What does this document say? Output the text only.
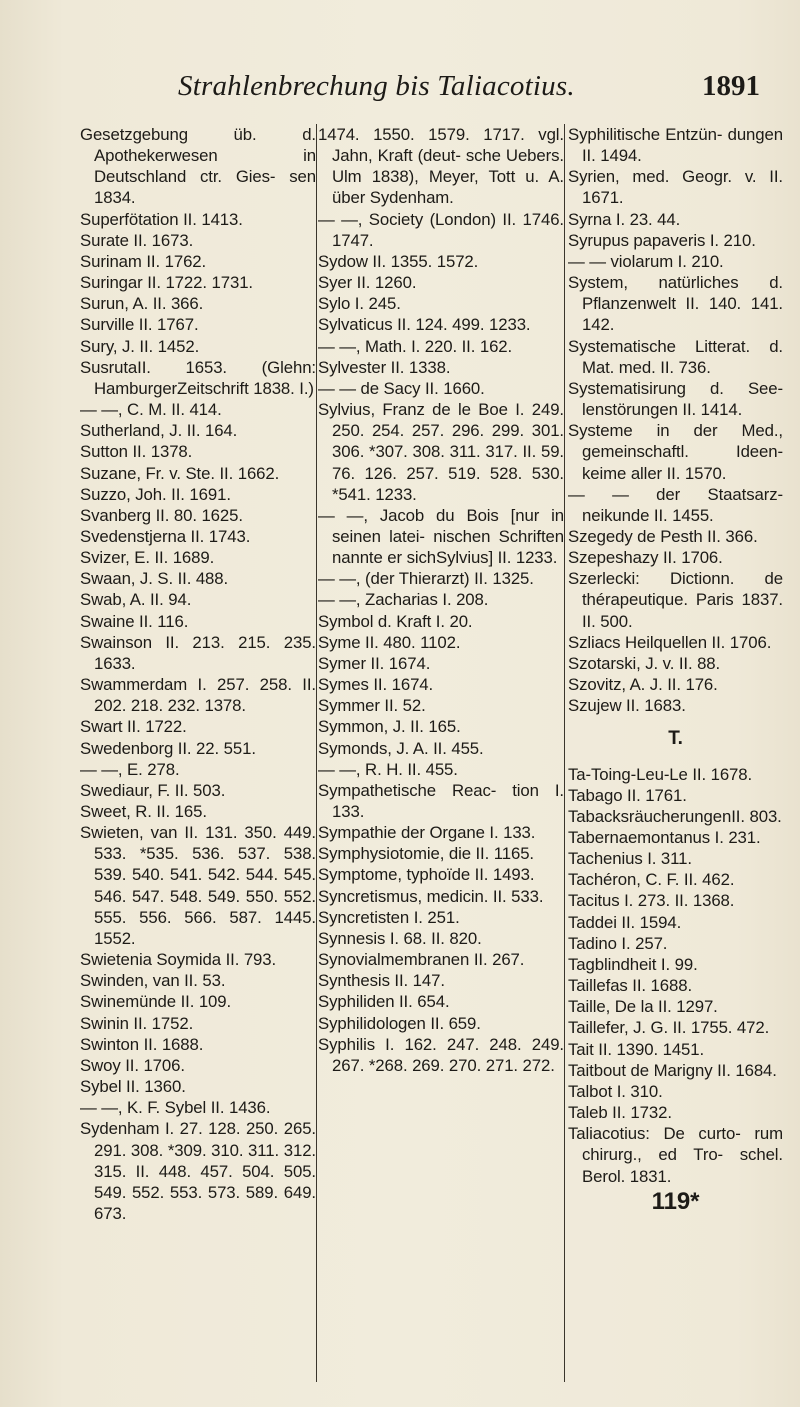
Strahlenbrechung bis Taliacotius.	1891

Gesetzgebung üb. d. Apothekerwesen in Deutschland ctr. Gies- sen 1834.

Superfötation II. 1413.

Surate II. 1673.

Surinam II. 1762.

Suringar II. 1722. 1731.

Surun, A. II. 366.

Surville II. 1767.

Sury, J. II. 1452.

SusrutaII. 1653. (Glehn: HamburgerZeitschrift 1838. I.)

— —, C. M. II. 414.

Sutherland, J. II. 164.

Sutton II. 1378.

Suzane, Fr. v. Ste. II. 1662.

Suzzo, Joh. II. 1691.

Svanberg II. 80. 1625.

Svedenstjerna II. 1743.

Svizer, E. II. 1689.

Swaan, J. S. II. 488.

Swab, A. II. 94.

Swaine II. 116.

Swainson II. 213. 215. 235. 1633.

Swammerdam I. 257. 258. II. 202. 218. 232. 1378.

Swart II. 1722.

Swedenborg II. 22. 551.

— —, E. 278.

Swediaur, F. II. 503.

Sweet, R. II. 165.

Swieten, van II. 131. 350. 449. 533. *535. 536. 537. 538. 539. 540. 541. 542. 544. 545. 546. 547. 548. 549. 550. 552. 555. 556. 566. 587. 1445. 1552.

Swietenia Soymida II. 793.

Swinden, van II. 53.

Swinemünde II. 109.

Swinin II. 1752.

Swinton II. 1688.

Swoy II. 1706.

Sybel II. 1360.

— —, K. F. Sybel II. 1436.

Sydenham I. 27. 128. 250. 265. 291. 308. *309. 310. 311. 312. 315. II. 448. 457. 504. 505. 549. 552. 553. 573. 589. 649. 673.

1474. 1550. 1579. 1717. vgl. Jahn, Kraft (deut- sche Uebers. Ulm 1838), Meyer, Tott u. A. über Sydenham.

— —, Society (London) II. 1746. 1747.

Sydow II. 1355. 1572.

Syer II. 1260.

Sylo I. 245.

Sylvaticus II. 124. 499. 1233.

— —, Math. I. 220. II. 162.

Sylvester II. 1338.

— — de Sacy II. 1660.

Sylvius, Franz de le Boe I. 249. 250. 254. 257. 296. 299. 301. 306. *307. 308. 311. 317. II. 59. 76. 126. 257. 519. 528. 530. *541. 1233.

— —, Jacob du Bois [nur in seinen latei- nischen Schriften nannte er sichSylvius] II. 1233.

— —, (der Thierarzt) II. 1325.

— —, Zacharias I. 208.

Symbol d. Kraft I. 20.

Syme II. 480. 1102.

Symer II. 1674.

Symes II. 1674.

Symmer II. 52.

Symmon, J. II. 165.

Symonds, J. A. II. 455.

— —, R. H. II. 455.

Sympathetische Reac- tion I. 133.

Sympathie der Organe I. 133.

Symphysiotomie, die II. 1165.

Symptome, typhoïde II. 1493.

Syncretismus, medicin. II. 533.

Syncretisten I. 251.

Synnesis I. 68. II. 820.

Synovialmembranen II. 267.

Synthesis II. 147.

Syphiliden II. 654.

Syphilidologen II. 659.

Syphilis I. 162. 247. 248. 249. 267. *268. 269. 270. 271. 272.

Syphilitische Entzün- dungen II. 1494.

Syrien, med. Geogr. v. II. 1671.

Syrna I. 23. 44.

Syrupus papaveris I. 210.

— — violarum I. 210.

System, natürliches d. Pflanzenwelt II. 140. 141. 142.

Systematische Litterat. d. Mat. med. II. 736.

Systematisirung d. See- lenstörungen II. 1414.

Systeme in der Med., gemeinschaftl. Ideen- keime aller II. 1570.

— — der Staatsarz- neikunde II. 1455.

Szegedy de Pesth II. 366.

Szepeshazy II. 1706.

Szerlecki: Dictionn. de thérapeutique. Paris 1837. II. 500.

Szliacs Heilquellen II. 1706.

Szotarski, J. v. II. 88.

Szovitz, A. J. II. 176.

Szujew II. 1683.

T.

Ta-Toing-Leu-Le II. 1678.

Tabago II. 1761.

TabacksräucherungenII. 803.

Tabernaemontanus I. 231.

Tachenius I. 311.

Tachéron, C. F. II. 462.

Tacitus I. 273. II. 1368.

Taddei II. 1594.

Tadino I. 257.

Tagblindheit I. 99.

Taillefas II. 1688.

Taille, De la II. 1297.

Taillefer, J. G. II. 1755. 472.

Tait II. 1390. 1451.

Taitbout de Marigny II. 1684.

Talbot I. 310.

Taleb II. 1732.

Taliacotius: De curto- rum chirurg., ed Tro- schel. Berol. 1831.

119*
